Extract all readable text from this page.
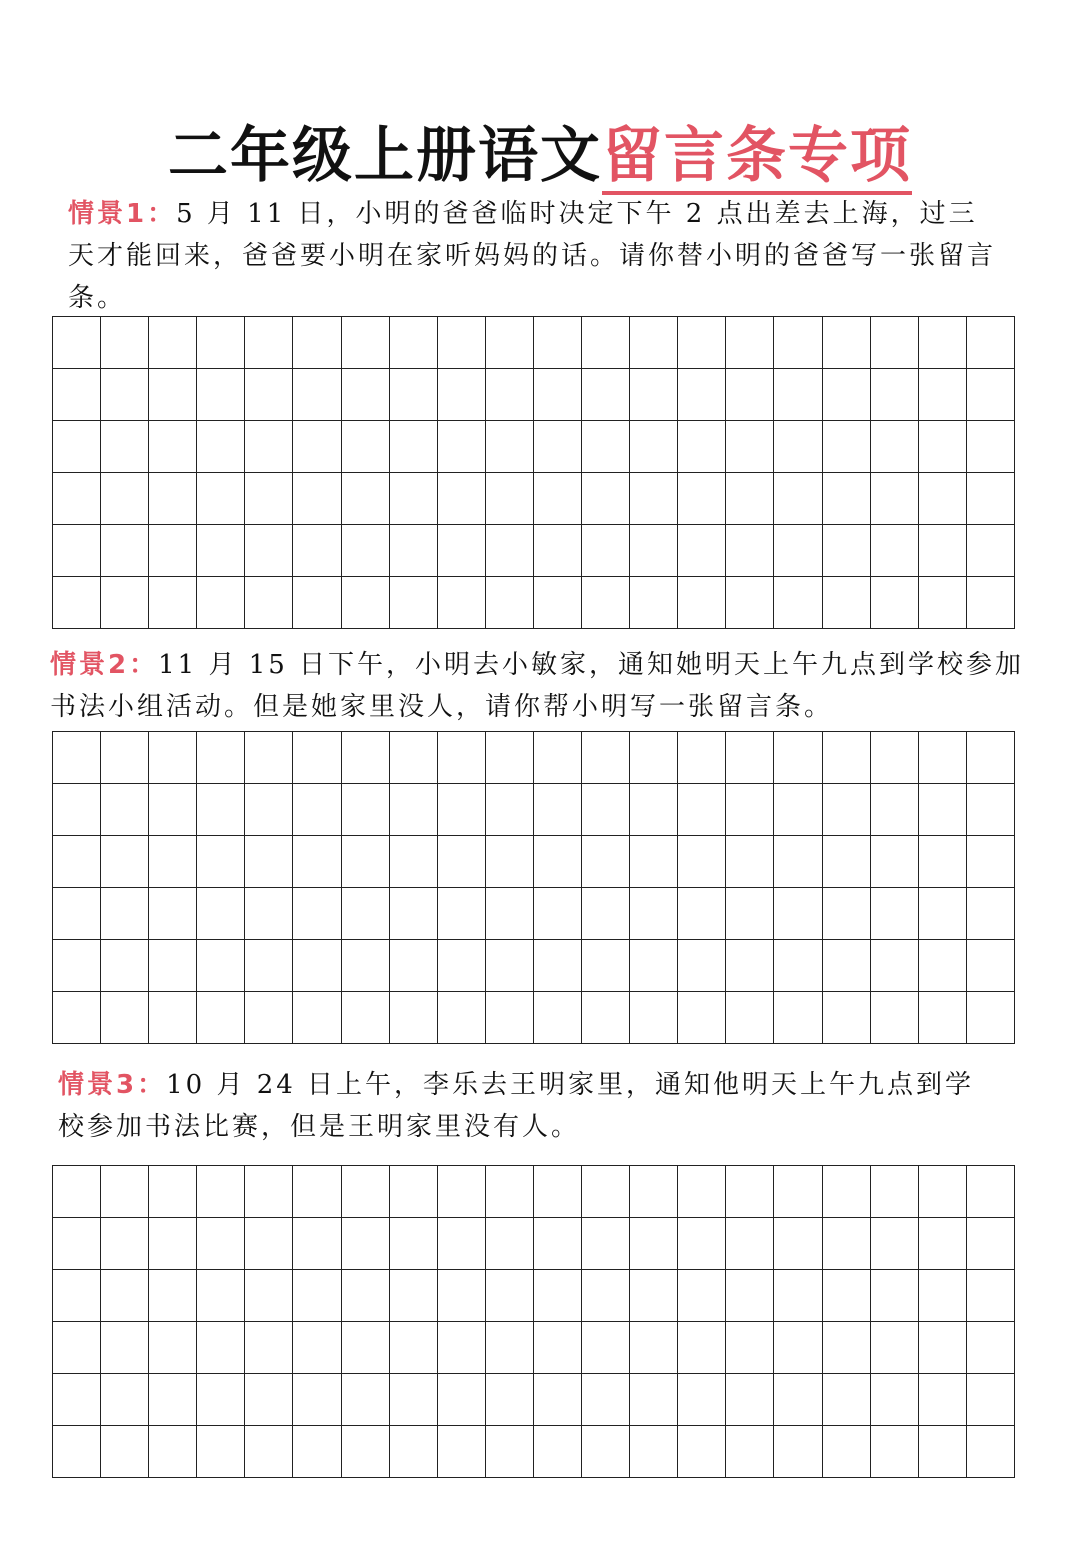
二年级上册语文留言条专项

情景1：5 月 11 日，小明的爸爸临时决定下午 2 点出差去上海，过三天才能回来，爸爸要小明在家听妈妈的话。请你替小明的爸爸写一张留言条。

情景2：11 月 15 日下午，小明去小敏家，通知她明天上午九点到学校参加书法小组活动。但是她家里没人，请你帮小明写一张留言条。

情景3：10 月 24 日上午，李乐去王明家里，通知他明天上午九点到学校参加书法比赛，但是王明家里没有人。
